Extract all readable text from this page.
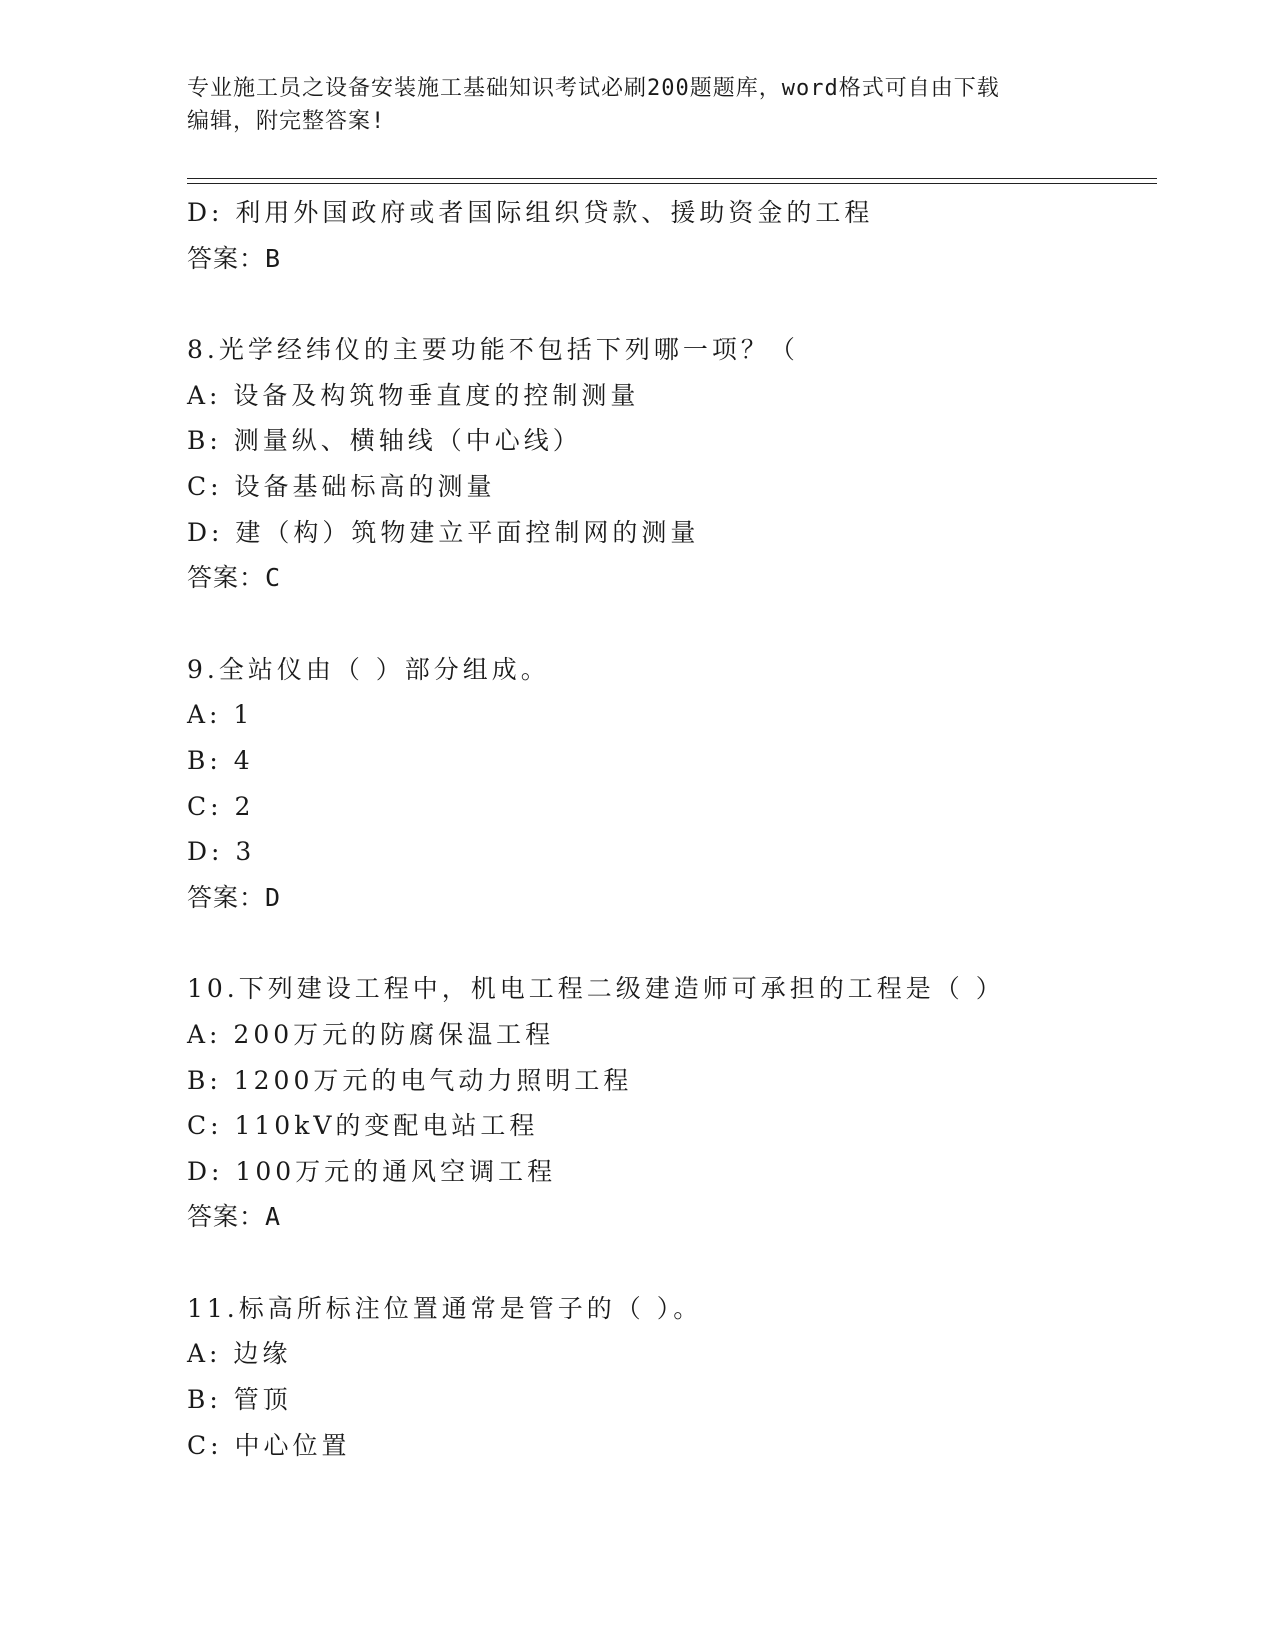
专业施工员之设备安装施工基础知识考试必刷200题题库，word格式可自由下载
编辑，附完整答案!
D: 利用外国政府或者国际组织贷款、援助资金的工程
答案：B
8.光学经纬仪的主要功能不包括下列哪一项？（
A: 设备及构筑物垂直度的控制测量
B: 测量纵、横轴线（中心线）
C: 设备基础标高的测量
D: 建（构）筑物建立平面控制网的测量
答案：C
9.全站仪由（ ）部分组成。
A: 1
B: 4
C: 2
D: 3
答案：D
10.下列建设工程中，机电工程二级建造师可承担的工程是（ ）
A: 200万元的防腐保温工程
B: 1200万元的电气动力照明工程
C: 110kV的变配电站工程
D: 100万元的通风空调工程
答案：A
11.标高所标注位置通常是管子的（ ）。
A: 边缘
B: 管顶
C: 中心位置
